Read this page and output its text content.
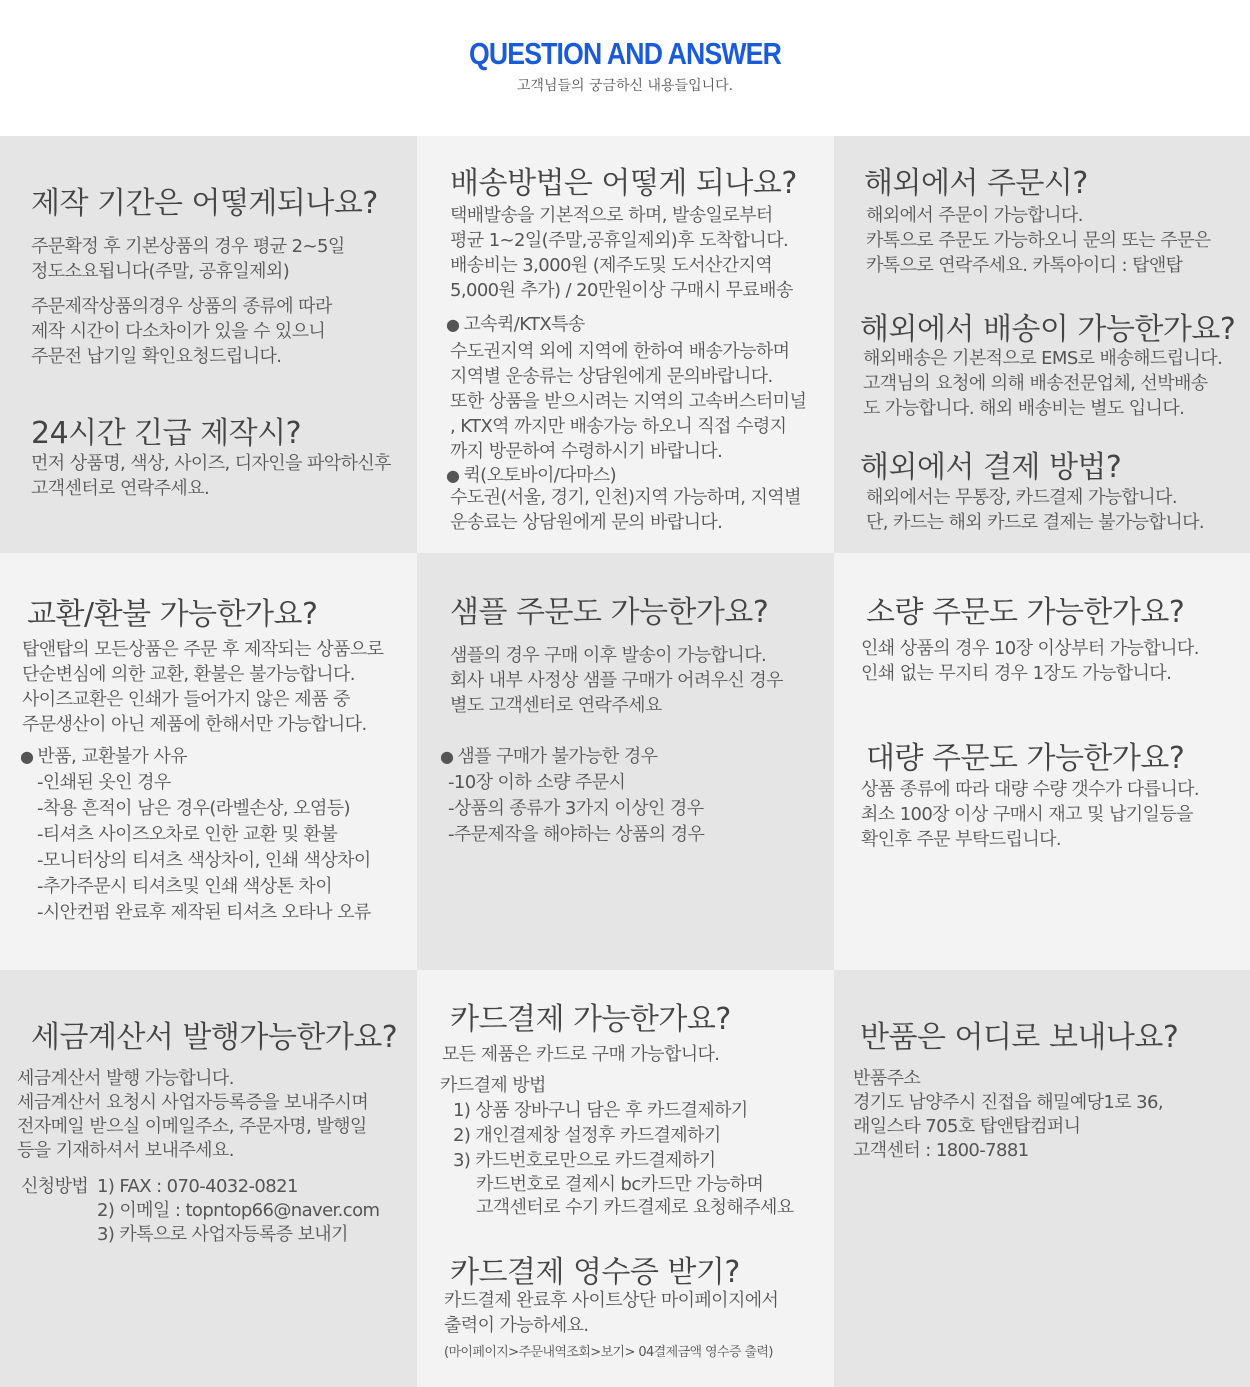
QUESTION AND ANSWER
고객님들의 궁금하신 내용들입니다.
제작 기간은 어떻게되나요?
주문확정 후 기본상품의 경우 평균 2~5일
정도소요됩니다(주말, 공휴일제외)
주문제작상품의경우 상품의 종류에 따라
제작 시간이 다소차이가 있을 수 있으니
주문전 납기일 확인요청드립니다.
24시간 긴급 제작시?
먼저 상품명, 색상, 사이즈, 디자인을 파악하신후
고객센터로 연락주세요.
배송방법은 어떻게 되나요?
택배발송을 기본적으로 하며, 발송일로부터
평균 1~2일(주말,공휴일제외)후 도착합니다.
배송비는 3,000원 (제주도및 도서산간지역
5,000원 추가) / 20만원이상 구매시 무료배송
● 고속퀵/KTX특송
수도권지역 외에 지역에 한하여 배송가능하며
지역별 운송류는 상담원에게 문의바랍니다.
또한 상품을 받으시려는 지역의 고속버스터미널
, KTX역 까지만 배송가능 하오니 직접 수령지
까지 방문하여 수령하시기 바랍니다.
● 퀵(오토바이/다마스)
수도권(서울, 경기, 인천)지역 가능하며, 지역별
운송료는 상담원에게 문의 바랍니다.
해외에서 주문시?
해외에서 주문이 가능합니다.
카톡으로 주문도 가능하오니 문의 또는 주문은
카톡으로 연락주세요. 카톡아이디 : 탑앤탑
해외에서 배송이 가능한가요?
해외배송은 기본적으로 EMS로 배송해드립니다.
고객님의 요청에 의해 배송전문업체, 선박배송
도 가능합니다. 해외 배송비는 별도 입니다.
해외에서 결제 방법?
해외에서는 무통장, 카드결제 가능합니다.
단, 카드는 해외 카드로 결제는 불가능합니다.
교환/환불 가능한가요?
탑앤탑의 모든상품은 주문 후 제작되는 상품으로
단순변심에 의한 교환, 환불은 불가능합니다.
사이즈교환은 인쇄가 들어가지 않은 제품 중
주문생산이 아닌 제품에 한해서만 가능합니다.
● 반품, 교환불가 사유
-인쇄된 옷인 경우
-착용 흔적이 남은 경우(라벨손상, 오염등)
-티셔츠 사이즈오차로 인한 교환 및 환불
-모니터상의 티셔츠 색상차이, 인쇄 색상차이
-추가주문시 티셔츠및 인쇄 색상톤 차이
-시안컨펌 완료후 제작된 티셔츠 오타나 오류
샘플 주문도 가능한가요?
샘플의 경우 구매 이후 발송이 가능합니다.
회사 내부 사정상 샘플 구매가 어려우신 경우
별도 고객센터로 연락주세요
● 샘플 구매가 불가능한 경우
-10장 이하 소량 주문시
-상품의 종류가 3가지 이상인 경우
-주문제작을 해야하는 상품의 경우
소량 주문도 가능한가요?
인쇄 상품의 경우 10장 이상부터 가능합니다.
인쇄 없는 무지티 경우 1장도 가능합니다.
대량 주문도 가능한가요?
상품 종류에 따라 대량 수량 갯수가 다릅니다.
최소 100장 이상 구매시 재고 및 납기일등을
확인후 주문 부탁드립니다.
세금계산서 발행가능한가요?
세금계산서 발행 가능합니다.
세금계산서 요청시 사업자등록증을 보내주시며
전자메일 받으실 이메일주소, 주문자명, 발행일
등을 기재하셔서 보내주세요.
신청방법 1) FAX : 070-4032-0821
2) 이메일 : topntop66@naver.com
3) 카톡으로 사업자등록증 보내기
카드결제 가능한가요?
모든 제품은 카드로 구매 가능합니다.
카드결제 방법
1) 상품 장바구니 담은 후 카드결제하기
2) 개인결제창 설정후 카드결제하기
3) 카드번호로만으로 카드결제하기
카드번호로 결제시 bc카드만 가능하며
고객센터로 수기 카드결제로 요청해주세요
카드결제 영수증 받기?
카드결제 완료후 사이트상단 마이페이지에서
출력이 가능하세요.
(마이페이지>주문내역조회>보기> 04결제금액 영수증 출력)
반품은 어디로 보내나요?
반품주소
경기도 남양주시 진접읍 해밀예당1로 36,
래일스타 705호 탑앤탑컴퍼니
고객센터 : 1800-7881
